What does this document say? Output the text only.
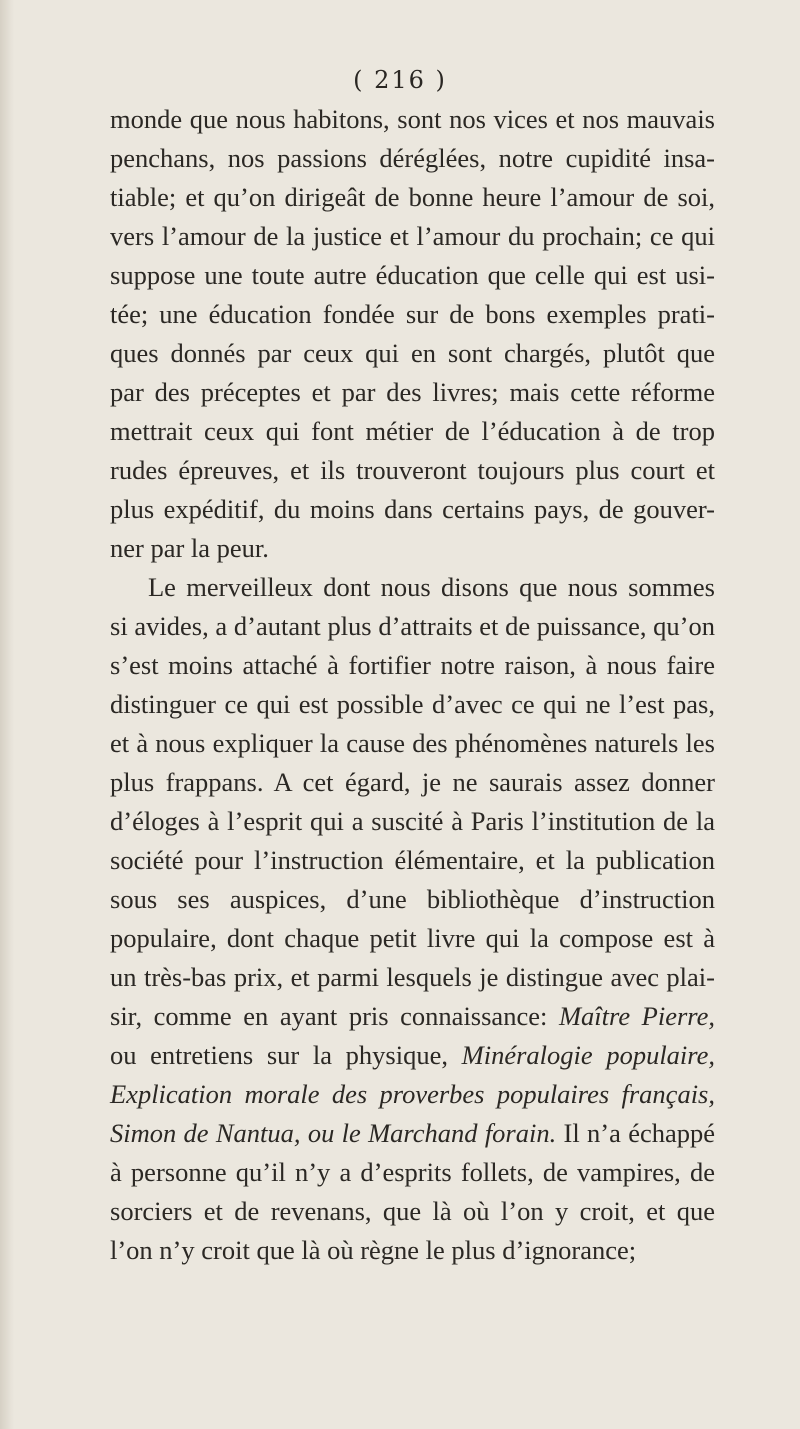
( 216 )
monde que nous habitons, sont nos vices et nos mauvais
penchans, nos passions déréglées, notre cupidité insa-
tiable; et qu’on dirigeât de bonne heure l’amour de soi,
vers l’amour de la justice et l’amour du prochain; ce qui
suppose une toute autre éducation que celle qui est usi-
tée; une éducation fondée sur de bons exemples prati-
ques donnés par ceux qui en sont chargés, plutôt que
par des préceptes et par des livres; mais cette réforme
mettrait ceux qui font métier de l’éducation à de trop
rudes épreuves, et ils trouveront toujours plus court et
plus expéditif, du moins dans certains pays, de gouver-
ner par la peur.
Le merveilleux dont nous disons que nous sommes
si avides, a d’autant plus d’attraits et de puissance, qu’on
s’est moins attaché à fortifier notre raison, à nous faire
distinguer ce qui est possible d’avec ce qui ne l’est pas,
et à nous expliquer la cause des phénomènes naturels les
plus frappans. A cet égard, je ne saurais assez donner
d’éloges à l’esprit qui a suscité à Paris l’institution de la
société pour l’instruction élémentaire, et la publication
sous ses auspices, d’une bibliothèque d’instruction
populaire, dont chaque petit livre qui la compose est à
un très-bas prix, et parmi lesquels je distingue avec plai-
sir, comme en ayant pris connaissance: Maître Pierre,
ou entretiens sur la physique, Minéralogie populaire,
Explication morale des proverbes populaires français,
Simon de Nantua, ou le Marchand forain. Il n’a échappé
à personne qu’il n’y a d’esprits follets, de vampires, de
sorciers et de revenans, que là où l’on y croit, et que
l’on n’y croit que là où règne le plus d’ignorance;
